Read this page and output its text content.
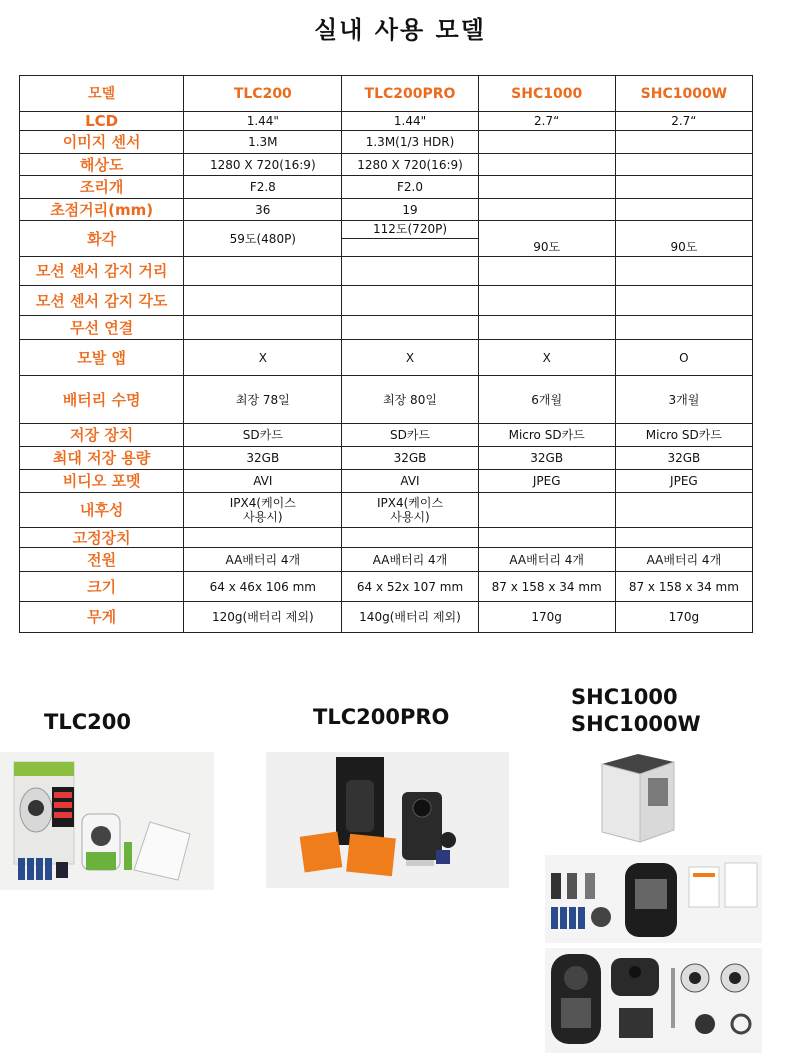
실내 사용 모델
모델	TLC200	TLC200PRO	SHC1000	SHC1000W
LCD	1.44"	1.44"	2.7“	2.7“
이미지 센서	1.3M	1.3M(1/3 HDR)		
해상도	1280 X 720(16:9)	1280 X 720(16:9)		
조리개	F2.8	F2.0		
초점거리(mm)	36	19		
화각	59도(480P)	112도(720P)	90도	90도

모션 센서 감지 거리				
모션 센서 감지 각도				
무선 연결				
모발 앱	X	X	X	O
배터리 수명	최장 78일	최장 80일	6개월	3개월
저장 장치	SD카드	SD카드	Micro SD카드	Micro SD카드
최대 저장 용량	32GB	32GB	32GB	32GB
비디오 포멧	AVI	AVI	JPEG	JPEG
내후성	IPX4(케이스 사용시)	IPX4(케이스 사용시)		
고정장치				
전원	AA배터리 4개	AA배터리 4개	AA배터리 4개	AA배터리 4개
크기	64 x 46x 106 mm	64 x 52x 107 mm	87 x 158 x 34 mm	87 x 158 x 34 mm
무게	120g(배터리 제외)	140g(배터리 제외)	170g	170g
TLC200	TLC200PRO
SHC1000
SHC1000W
